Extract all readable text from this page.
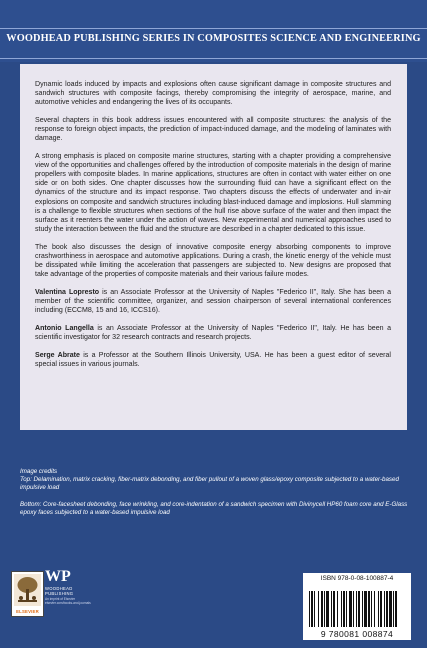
WOODHEAD PUBLISHING SERIES IN COMPOSITES SCIENCE AND ENGINEERING

Dynamic loads induced by impacts and explosions often cause significant damage in composite structures and sandwich structures with composite facings, thereby compromising the integrity of aerospace, marine, and automotive vehicles and endangering the lives of its occupants.

Several chapters in this book address issues encountered with all composite structures: the analysis of the response to foreign object impacts, the prediction of impact-induced damage, and the modeling of laminates with damage.

A strong emphasis is placed on composite marine structures, starting with a chapter providing a comprehensive view of the opportunities and challenges offered by the introduction of composite materials in the design of marine propellers with composite blades. In marine applications, structures are often in contact with water either on one side or on both sides. One chapter discusses how the surrounding fluid can have a significant effect on the dynamics of the structure and its impact response. Two chapters discuss the effects of underwater and in-air explosions on composite and sandwich structures including blast-induced damage and implosions. Hull slamming is a challenge to flexible structures when sections of the hull rise above surface of the water and then impact the surface as it reenters the water under the action of waves. New experimental and numerical approaches used to study the interaction between the fluid and the structure are described in a chapter dedicated to this issue.

The book also discusses the design of innovative composite energy absorbing components to improve crashworthiness in aerospace and automotive applications. During a crash, the kinetic energy of the vehicle must be dissipated while limiting the acceleration that passengers are subjected to. New designs are proposed that take advantage of the properties of composite materials and their various failure modes.

Valentina Lopresto is an Associate Professor at the University of Naples "Federico II", Italy. She has been a member of the scientific committee, organizer, and session chairperson of several international conferences including (ECCM8, 15 and 16, ICCS16).

Antonio Langella is an Associate Professor at the University of Naples "Federico II", Italy. He has been a scientific investigator for 32 research contracts and research projects.

Serge Abrate is a Professor at the Southern Illinois University, USA. He has been a guest editor of several special issues in various journals.

Image credits

Top: Delamination, matrix cracking, fiber-matrix debonding, and fiber pullout of a woven glass/epoxy composite subjected to a water-based impulsive load

Bottom: Core-facesheet debonding, face wrinkling, and core-indentation of a sandwich specimen with Divinycell HP60 foam core and E-Glass epoxy faces subjected to a water-based impulsive load

ELSEVIER
WP
WOODHEAD
PUBLISHING
An imprint of Elsevier elsevier.com/books-and-journals
ISBN 978-0-08-100887-4
9 780081 008874
